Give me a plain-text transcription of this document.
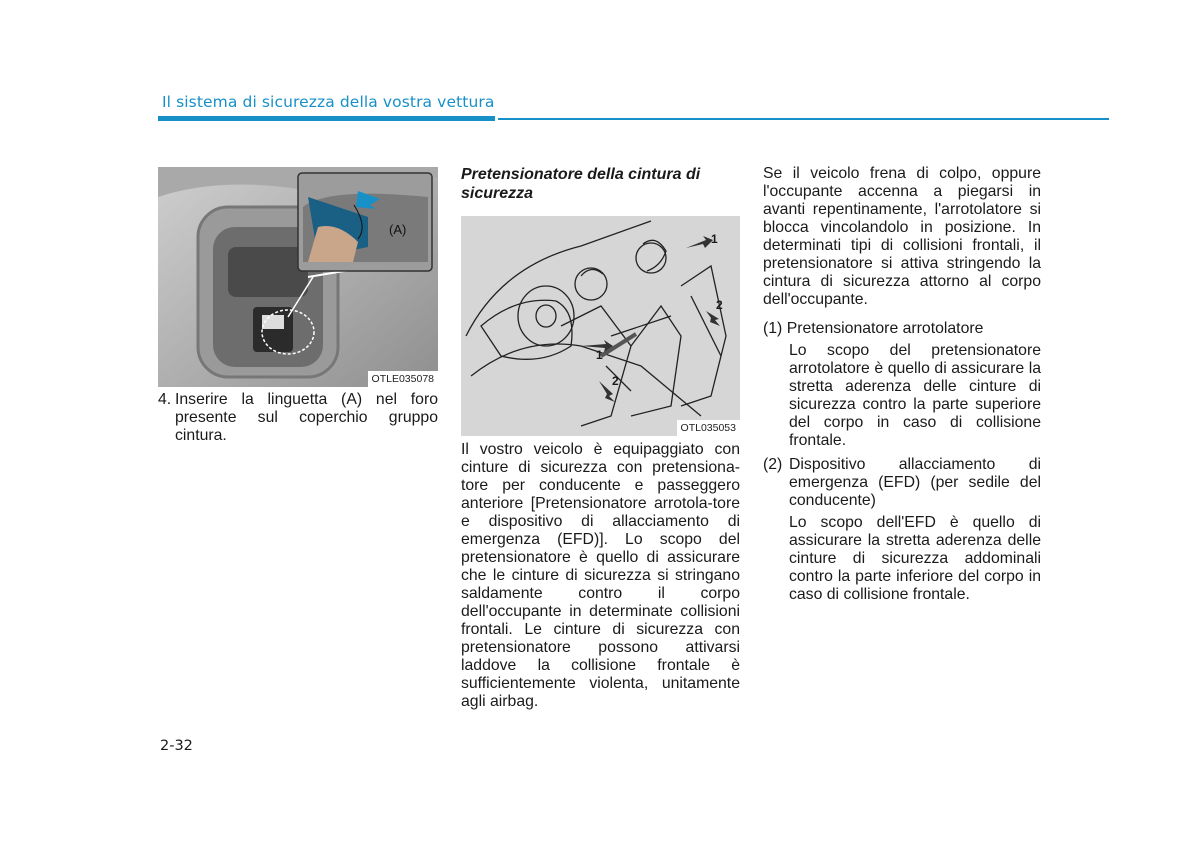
Il sistema di sicurezza della vostra vettura
(A)
OTLE035078
4. Inserire la linguetta (A) nel foro presente sul coperchio gruppo cintura.
Pretensionatore della cintura di sicurezza
1
2
1
2
OTL035053

Il vostro veicolo è equipaggiato con cinture di sicurezza con pretensiona-tore per conducente e passeggero anteriore [Pretensionatore arrotola-tore e dispositivo di allacciamento di emergenza (EFD)]. Lo scopo del pretensionatore è quello di assicurare che le cinture di sicurezza si stringano saldamente contro il corpo dell'occupante in determinate collisioni frontali. Le cinture di sicurezza con pretensionatore possono attivarsi laddove la collisione frontale è sufficientemente violenta, unitamente agli airbag.

Se il veicolo frena di colpo, oppure l'occupante accenna a piegarsi in avanti repentinamente, l'arrotolatore si blocca vincolandolo in posizione. In determinati tipi di collisioni frontali, il pretensionatore si attiva stringendo la cintura di sicurezza attorno al corpo dell'occupante.

(1) Pretensionatore arrotolatore
Lo scopo del pretensionatore arrotolatore è quello di assicurare la stretta aderenza delle cinture di sicurezza contro la parte superiore del corpo in caso di collisione frontale.
(2) Dispositivo allacciamento di emergenza (EFD) (per sedile del conducente)
Lo scopo dell'EFD è quello di assicurare la stretta aderenza delle cinture di sicurezza addominali contro la parte inferiore del corpo in caso di collisione frontale.
2-32
